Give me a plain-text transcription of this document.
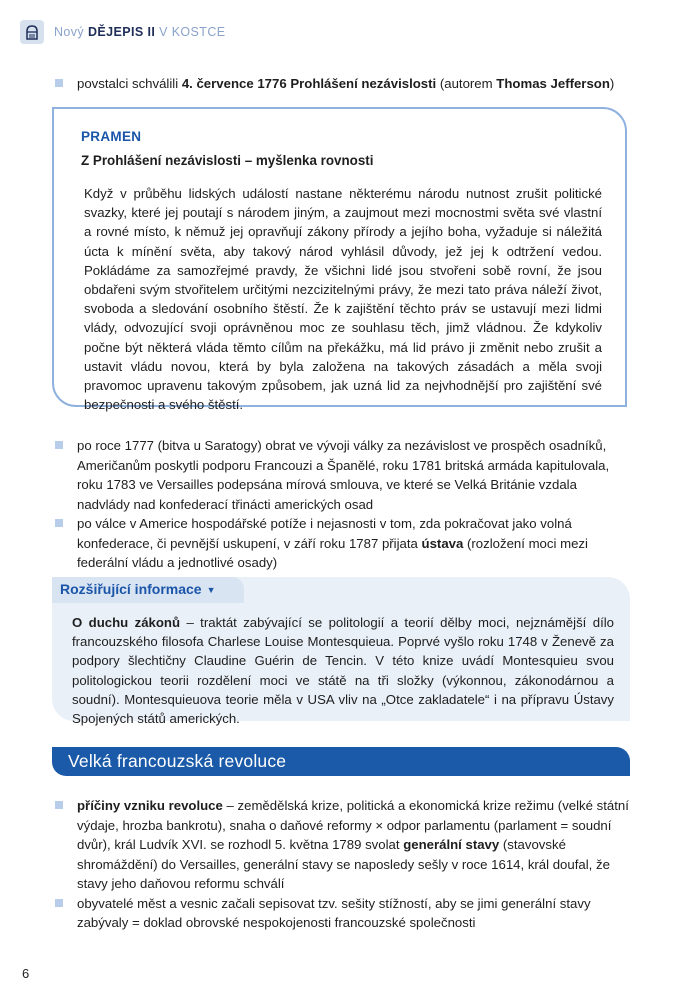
Nový DĚJEPIS II V KOSTCE
povstalci schválili 4. července 1776 Prohlášení nezávislosti (autorem Thomas Jefferson)
PRAMEN
Z Prohlášení nezávislosti – myšlenka rovnosti
Když v průběhu lidských událostí nastane některému národu nutnost zrušit politické svazky, které jej poutají s národem jiným, a zaujmout mezi mocnostmi světa své vlastní a rovné místo, k němuž jej opravňují zákony přírody a jejího boha, vyžaduje si náležitá úcta k mínění světa, aby takový národ vyhlásil důvody, jež jej k odtržení vedou. Pokládáme za samozřejmé pravdy, že všichni lidé jsou stvořeni sobě rovní, že jsou obdařeni svým stvořitelem určitými nezcizitelnými právy, že mezi tato práva náleží život, svoboda a sledování osobního štěstí. Že k zajištění těchto práv se ustavují mezi lidmi vlády, odvozující svoji oprávněnou moc ze souhlasu těch, jimž vládnou. Že kdykoliv počne být některá vláda těmto cílům na překážku, má lid právo ji změnit nebo zrušit a ustavit vládu novou, která by byla založena na takových zásadách a měla svoji pravomoc upravenu takovým způsobem, jak uzná lid za nejvhodnější pro zajištění své bezpečnosti a svého štěstí.
po roce 1777 (bitva u Saratogy) obrat ve vývoji války za nezávislost ve prospěch osadníků, Američanům poskytli podporu Francouzi a Španělé, roku 1781 britská armáda kapitulovala, roku 1783 ve Versailles podepsána mírová smlouva, ve které se Velká Británie vzdala nadvlády nad konfederací třinácti amerických osad
po válce v Americe hospodářské potíže i nejasnosti v tom, zda pokračovat jako volná konfederace, či pevnější uskupení, v září roku 1787 přijata ústava (rozložení moci mezi federální vládu a jednotlivé osady)
Rozšiřující informace ▼
O duchu zákonů – traktát zabývající se politologií a teorií dělby moci, nejznámější dílo francouzského filosofa Charlese Louise Montesquieua. Poprvé vyšlo roku 1748 v Ženevě za podpory šlechtičny Claudine Guérin de Tencin. V této knize uvádí Montesquieu svou politologickou teorii rozdělení moci ve státě na tři složky (výkonnou, zákonodárnou a soudní). Montesquieuova teorie měla v USA vliv na „Otce zakladatele“ i na přípravu Ústavy Spojených států amerických.
Velká francouzská revoluce
příčiny vzniku revoluce – zemědělská krize, politická a ekonomická krize režimu (velké státní výdaje, hrozba bankrotu), snaha o daňové reformy × odpor parlamentu (parlament = soudní dvůr), král Ludvík XVI. se rozhodl 5. května 1789 svolat generální stavy (stavovské shromáždění) do Versailles, generální stavy se naposledy sešly v roce 1614, král doufal, že stavy jeho daňovou reformu schválí
obyvatelé měst a vesnic začali sepisovat tzv. sešity stížností, aby se jimi generální stavy zabývaly = doklad obrovské nespokojenosti francouzské společnosti
6
